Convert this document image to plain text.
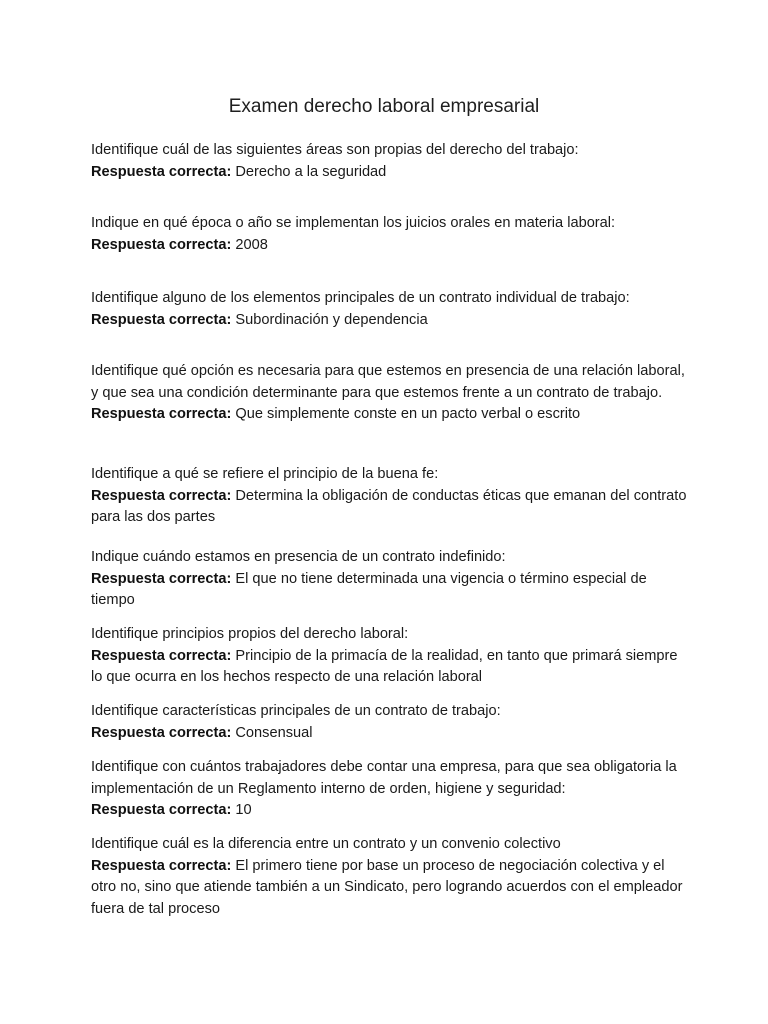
Examen derecho laboral empresarial

Identifique cuál de las siguientes áreas son propias del derecho del trabajo:

Respuesta correcta: Derecho a la seguridad

Indique en qué época o año se implementan los juicios orales en materia laboral:

Respuesta correcta: 2008

Identifique alguno de los elementos principales de un contrato individual de trabajo:

Respuesta correcta: Subordinación y dependencia

Identifique qué opción es necesaria para que estemos en presencia de una relación laboral, y que sea una condición determinante para que estemos frente a un contrato de trabajo.

Respuesta correcta: Que simplemente conste en un pacto verbal o escrito

Identifique a qué se refiere el principio de la buena fe:

Respuesta correcta: Determina la obligación de conductas éticas que emanan del contrato para las dos partes

Indique cuándo estamos en presencia de un contrato indefinido:

Respuesta correcta: El que no tiene determinada una vigencia o término especial de tiempo

Identifique principios propios del derecho laboral:

Respuesta correcta: Principio de la primacía de la realidad, en tanto que primará siempre lo que ocurra en los hechos respecto de una relación laboral

Identifique características principales de un contrato de trabajo:

Respuesta correcta: Consensual

Identifique con cuántos trabajadores debe contar una empresa, para que sea obligatoria la implementación de un Reglamento interno de orden, higiene y seguridad:

Respuesta correcta: 10

Identifique cuál es la diferencia entre un contrato y un convenio colectivo

Respuesta correcta: El primero tiene por base un proceso de negociación colectiva y el otro no, sino que atiende también a un Sindicato, pero logrando acuerdos con el empleador fuera de tal proceso
